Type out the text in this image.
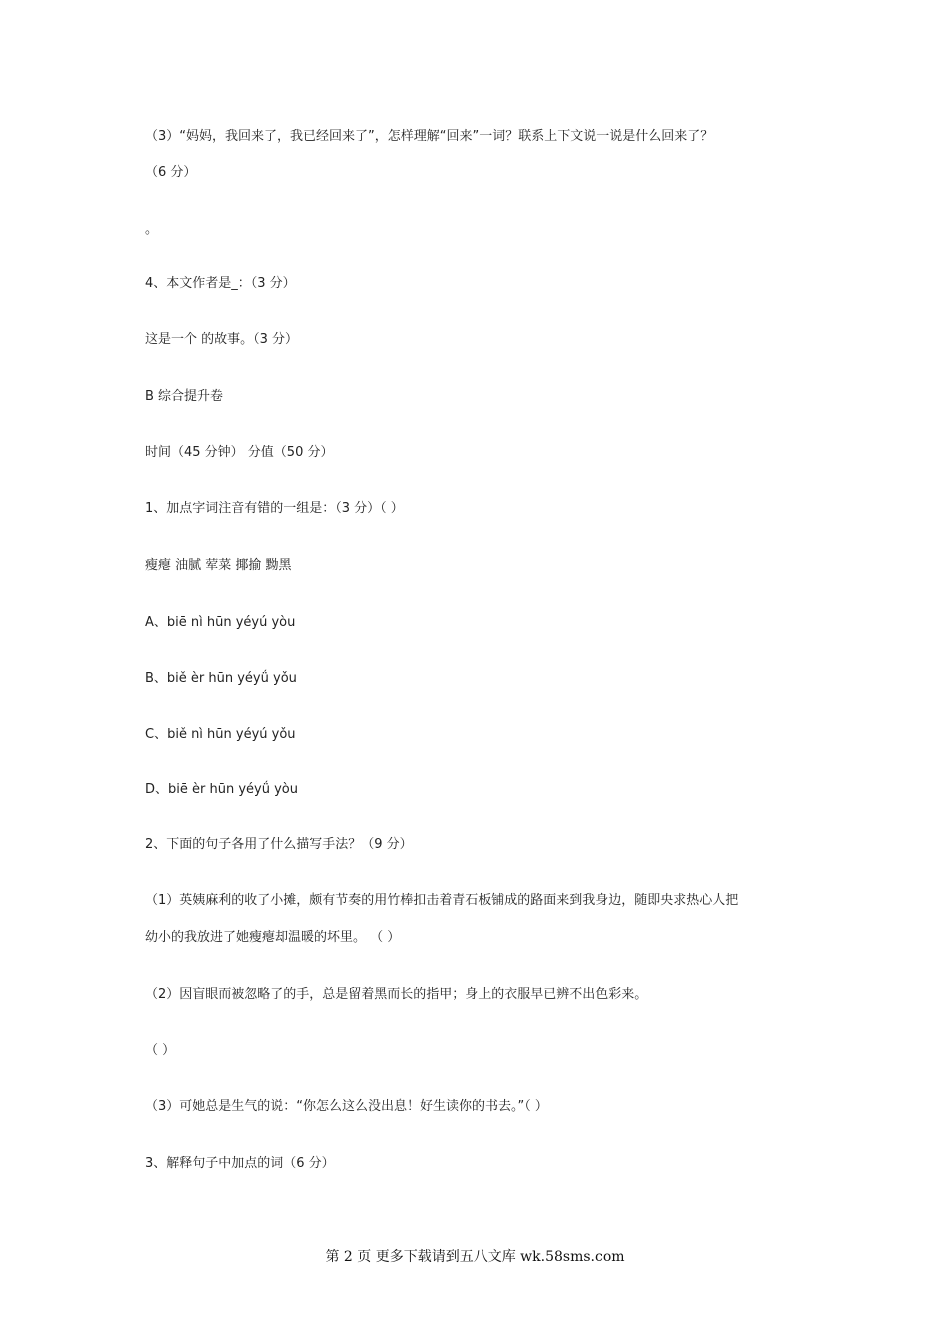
（3）“妈妈，我回来了，我已经回来了”，怎样理解“回来”一词？联系上下文说一说是什么回来了？
（6 分）
。
4、本文作者是_：（3 分）
这是一个 的故事。（3 分）
B 综合提升卷
时间（45 分钟） 分值（50 分）
1、加点字词注音有错的一组是：（3 分）（ ）
瘦瘪 油腻 荤菜 揶揄 黝黑
A、biē nì hūn yéyú yòu
B、biě èr hūn yéyǘ yǒu
C、biě nì hūn yéyú yǒu
D、biē èr hūn yéyǘ yòu
2、下面的句子各用了什么描写手法？（9 分）
（1）英姨麻利的收了小摊，颇有节奏的用竹棒扣击着青石板铺成的路面来到我身边，随即央求热心人把
幼小的我放进了她瘦瘪却温暖的坏里。 （ ）
（2）因盲眼而被忽略了的手，总是留着黑而长的指甲；身上的衣服早已辨不出色彩来。
（ ）
（3）可她总是生气的说：“你怎么这么没出息！好生读你的书去。”（ ）
3、解释句子中加点的词（6 分）
第 2 页 更多下载请到五八文库 wk.58sms.com
